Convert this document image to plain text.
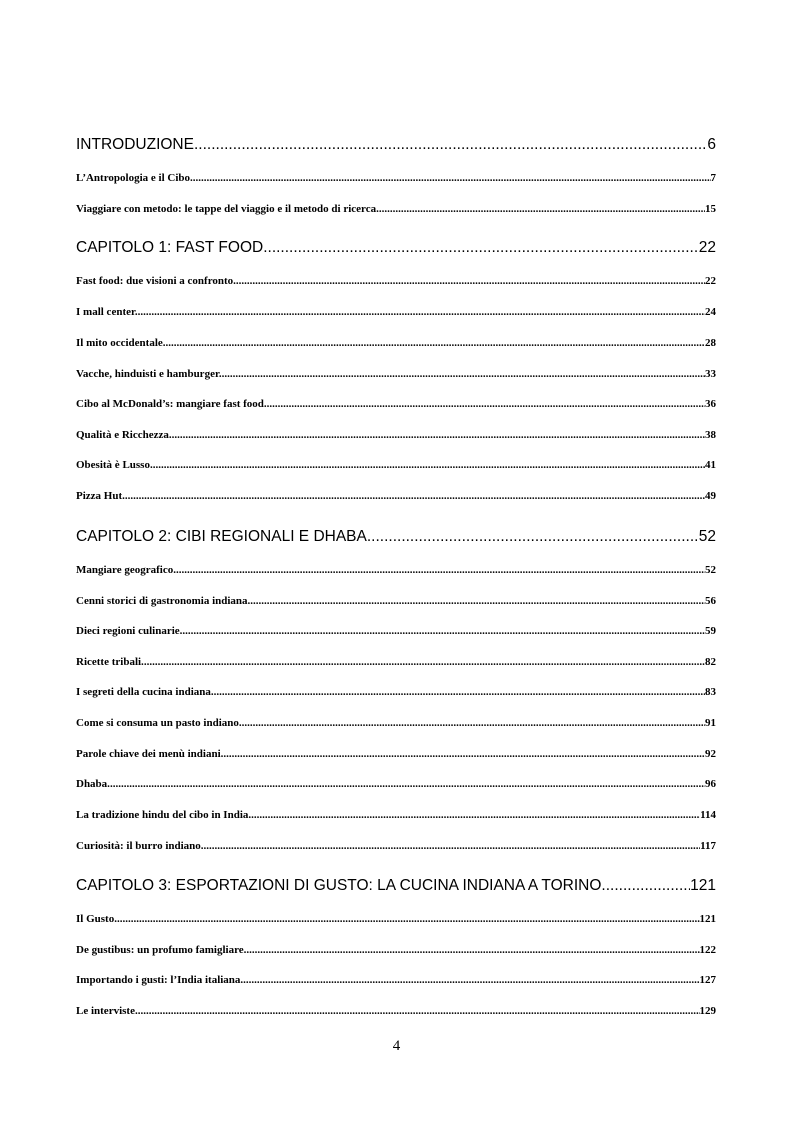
INTRODUZIONE. .....	6
L’Antropologia e il Cibo. .....	7
Viaggiare con metodo: le tappe del viaggio e il metodo di ricerca. .....	15
CAPITOLO 1: FAST FOOD. .....	22
Fast food: due visioni a confronto .....	22
I mall center. .....	24
Il mito occidentale. .....	28
Vacche, hinduisti e hamburger. .....	33
Cibo al McDonald’s: mangiare fast food. .....	36
Qualità e Ricchezza. .....	38
Obesità è Lusso. .....	41
Pizza Hut .....	49
CAPITOLO 2: CIBI REGIONALI E DHABA. .....	52
Mangiare geografico. .....	52
Cenni storici di gastronomia indiana. .....	56
Dieci regioni culinarie. .....	59
Ricette tribali. .....	82
I segreti della cucina indiana .....	83
Come si consuma un pasto indiano .....	91
Parole chiave dei menù indiani. .....	92
Dhaba. .....	96
La tradizione hindu del cibo in India. .....	114
Curiosità: il burro indiano .....	117
CAPITOLO 3: ESPORTAZIONI DI GUSTO: LA CUCINA INDIANA A TORINO. .....	121
Il Gusto .....	121
De gustibus: un profumo famigliare .....	122
Importando i gusti: l’India italiana. .....	127
Le interviste. .....	129
4
